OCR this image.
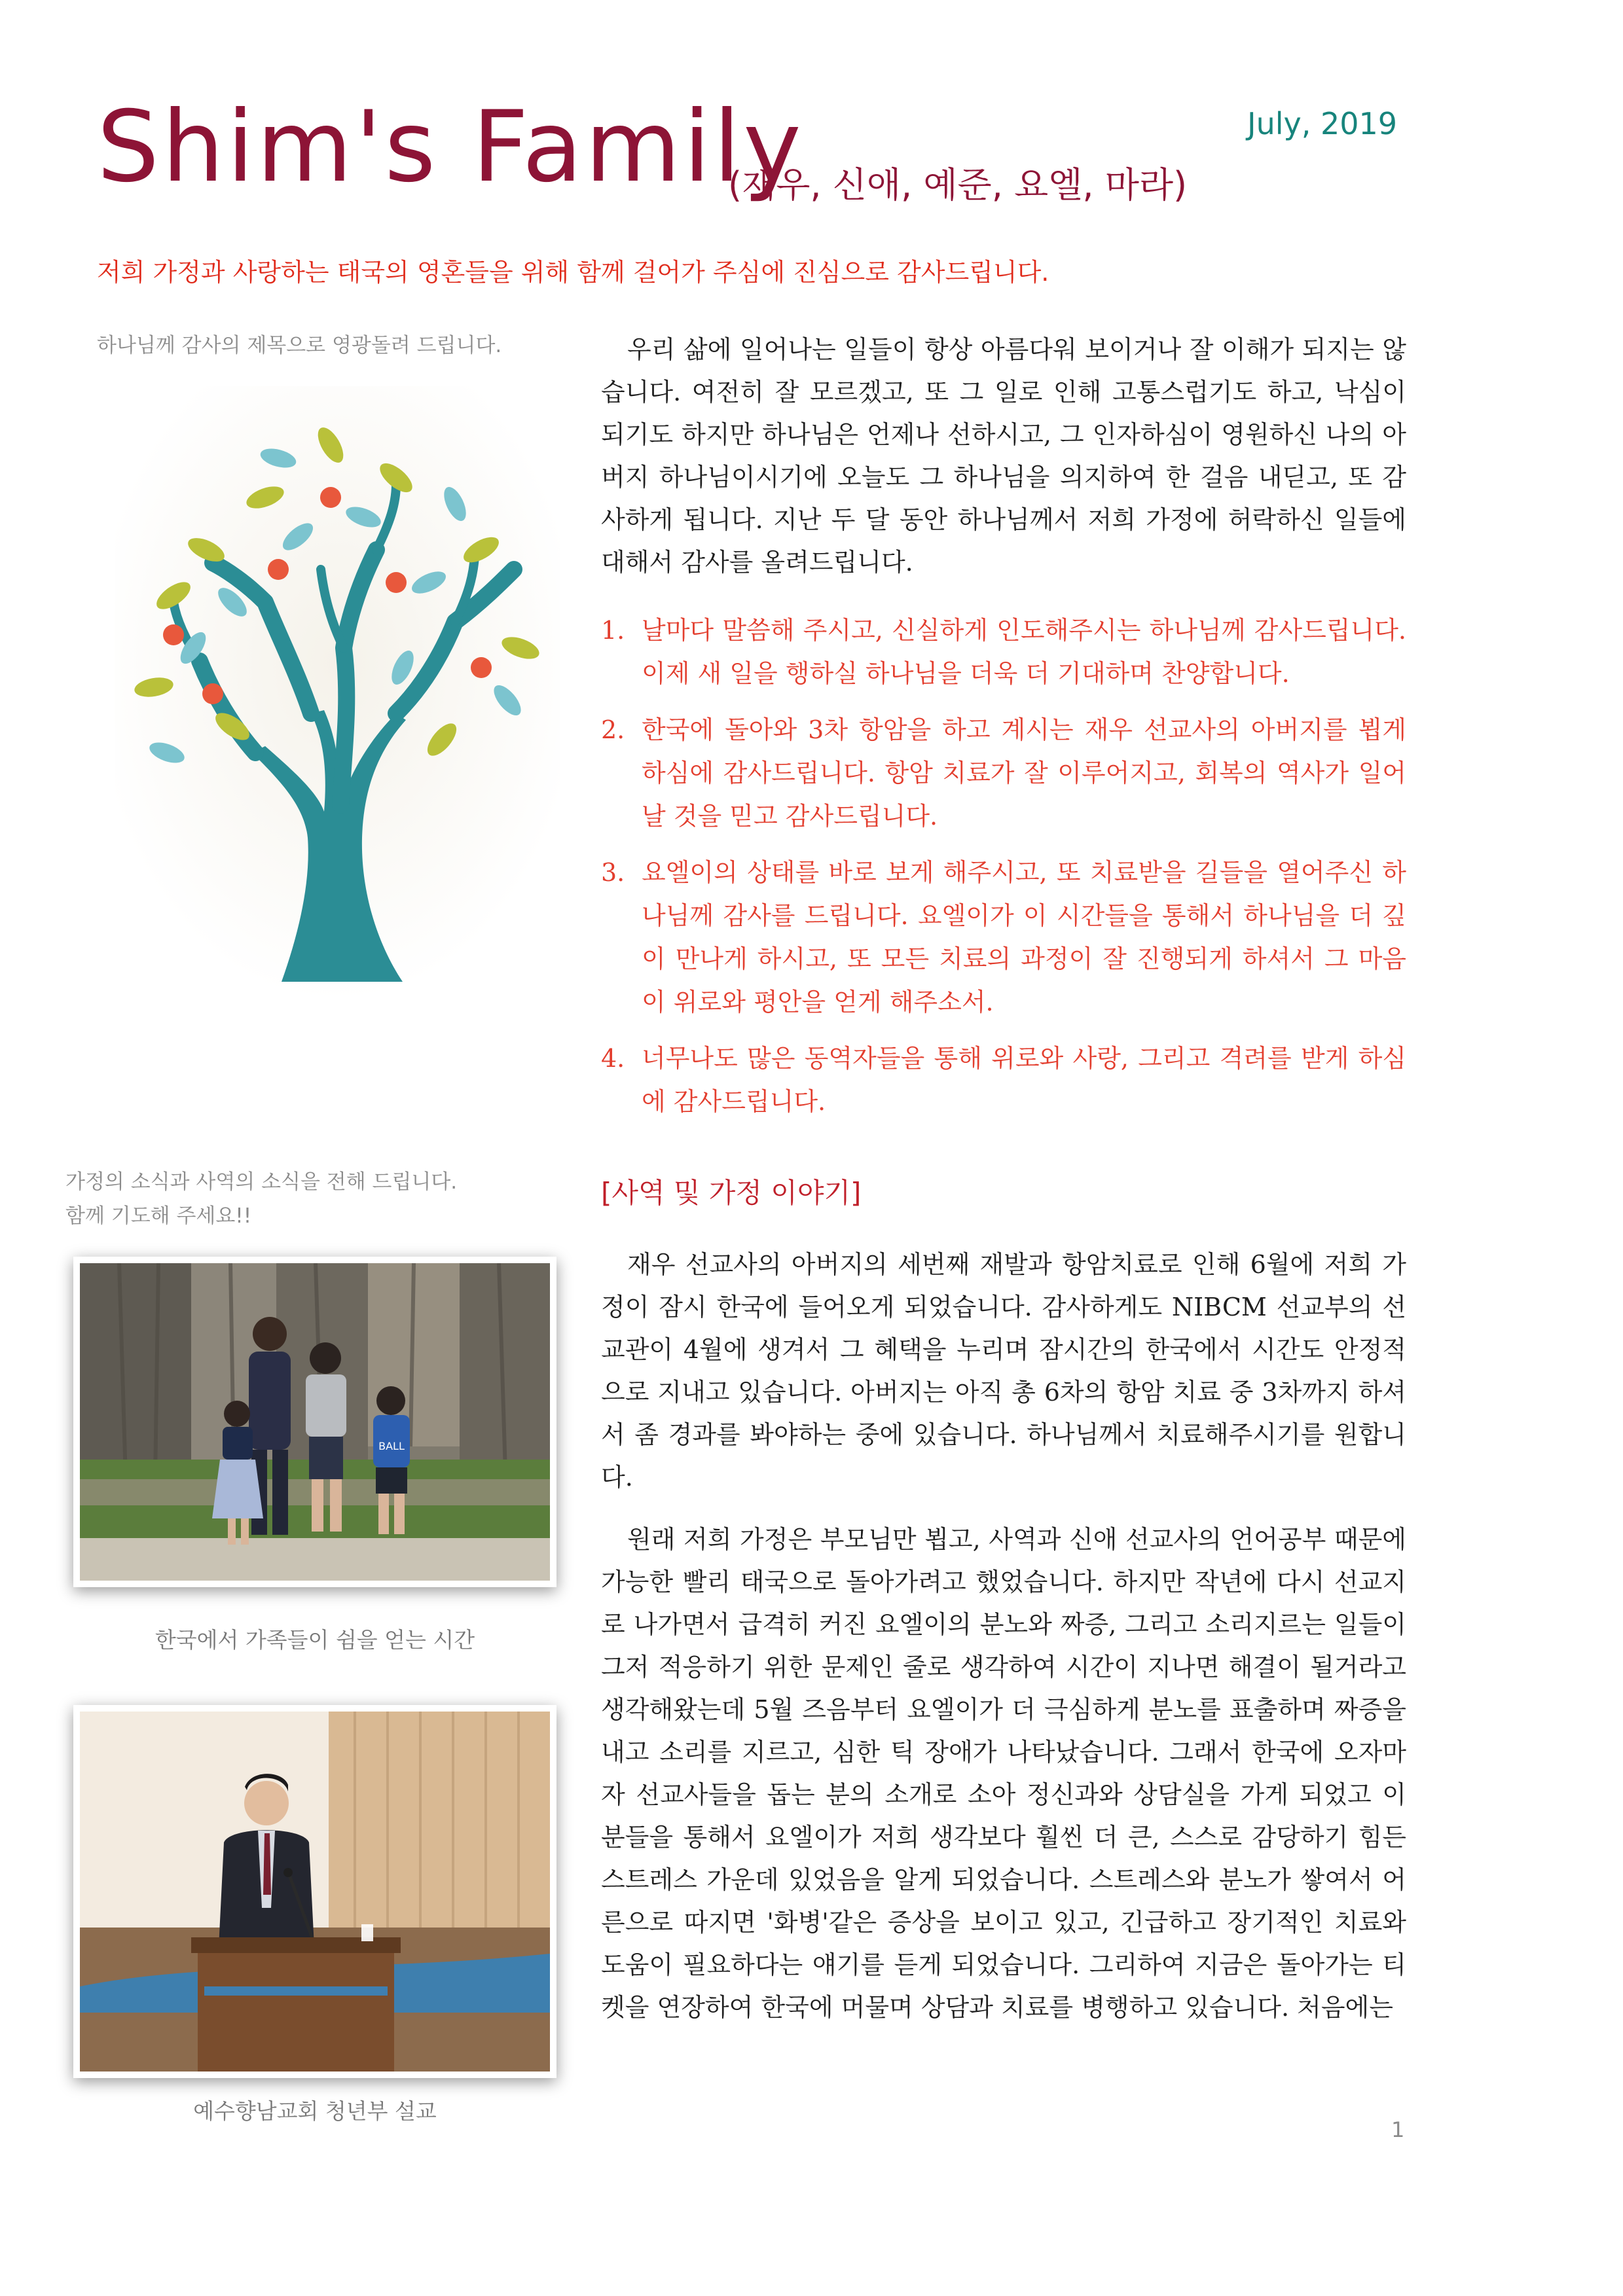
Shim's Family
(재우, 신애, 예준, 요엘, 마라)
July, 2019
저희 가정과 사랑하는 태국의 영혼들을 위해 함께 걸어가 주심에 진심으로 감사드립니다.
하나님께 감사의 제목으로 영광돌려 드립니다.	우리 삶에 일어나는 일들이 항상 아름다워 보이거나 잘 이해가 되지는 않습니다. 여전히 잘 모르겠고, 또 그 일로 인해 고통스럽기도 하고, 낙심이 되기도 하지만 하나님은 언제나 선하시고, 그 인자하심이 영원하신 나의 아버지 하나님이시기에 오늘도 그 하나님을 의지하여 한 걸음 내딛고, 또 감사하게 됩니다. 지난 두 달 동안 하나님께서 저희 가정에 허락하신 일들에 대해서 감사를 올려드립니다.
1. 날마다 말씀해 주시고, 신실하게 인도해주시는 하나님께 감사드립니다. 이제 새 일을 행하실 하나님을 더욱 더 기대하며 찬양합니다.
2. 한국에 돌아와 3차 항암을 하고 계시는 재우 선교사의 아버지를 뵙게 하심에 감사드립니다. 항암 치료가 잘 이루어지고, 회복의 역사가 일어날 것을 믿고 감사드립니다.
3. 요엘이의 상태를 바로 보게 해주시고, 또 치료받을 길들을 열어주신 하나님께 감사를 드립니다. 요엘이가 이 시간들을 통해서 하나님을 더 깊이 만나게 하시고, 또 모든 치료의 과정이 잘 진행되게 하셔서 그 마음이 위로와 평안을 얻게 해주소서.
4. 너무나도 많은 동역자들을 통해 위로와 사랑, 그리고 격려를 받게 하심에 감사드립니다.
가정의 소식과 사역의 소식을 전해 드립니다.
함께 기도해 주세요!!
[사역 및 가정 이야기]
재우 선교사의 아버지의 세번째 재발과 항암치료로 인해 6월에 저희 가정이 잠시 한국에 들어오게 되었습니다. 감사하게도 NIBCM 선교부의 선교관이 4월에 생겨서 그 혜택을 누리며 잠시간의 한국에서 시간도 안정적으로 지내고 있습니다. 아버지는 아직 총 6차의 항암 치료 중 3차까지 하셔서 좀 경과를 봐야하는 중에 있습니다. 하나님께서 치료해주시기를 원합니다.
원래 저희 가정은 부모님만 뵙고, 사역과 신애 선교사의 언어공부 때문에 가능한 빨리 태국으로 돌아가려고 했었습니다. 하지만 작년에 다시 선교지로 나가면서 급격히 커진 요엘이의 분노와 짜증, 그리고 소리지르는 일들이 그저 적응하기 위한 문제인 줄로 생각하여 시간이 지나면 해결이 될거라고 생각해왔는데 5월 즈음부터 요엘이가 더 극심하게 분노를 표출하며 짜증을 내고 소리를 지르고, 심한 틱 장애가 나타났습니다. 그래서 한국에 오자마자 선교사들을 돕는 분의 소개로 소아 정신과와 상담실을 가게 되었고 이 분들을 통해서 요엘이가 저희 생각보다 훨씬 더 큰, 스스로 감당하기 힘든 스트레스 가운데 있었음을 알게 되었습니다. 스트레스와 분노가 쌓여서 어른으로 따지면 '화병'같은 증상을 보이고 있고, 긴급하고 장기적인 치료와 도움이 필요하다는 얘기를 듣게 되었습니다. 그리하여 지금은 돌아가는 티켓을 연장하여 한국에 머물며 상담과 치료를 병행하고 있습니다. 처음에는
BALL
한국에서 가족들이 쉼을 얻는 시간
예수향남교회 청년부 설교
1
